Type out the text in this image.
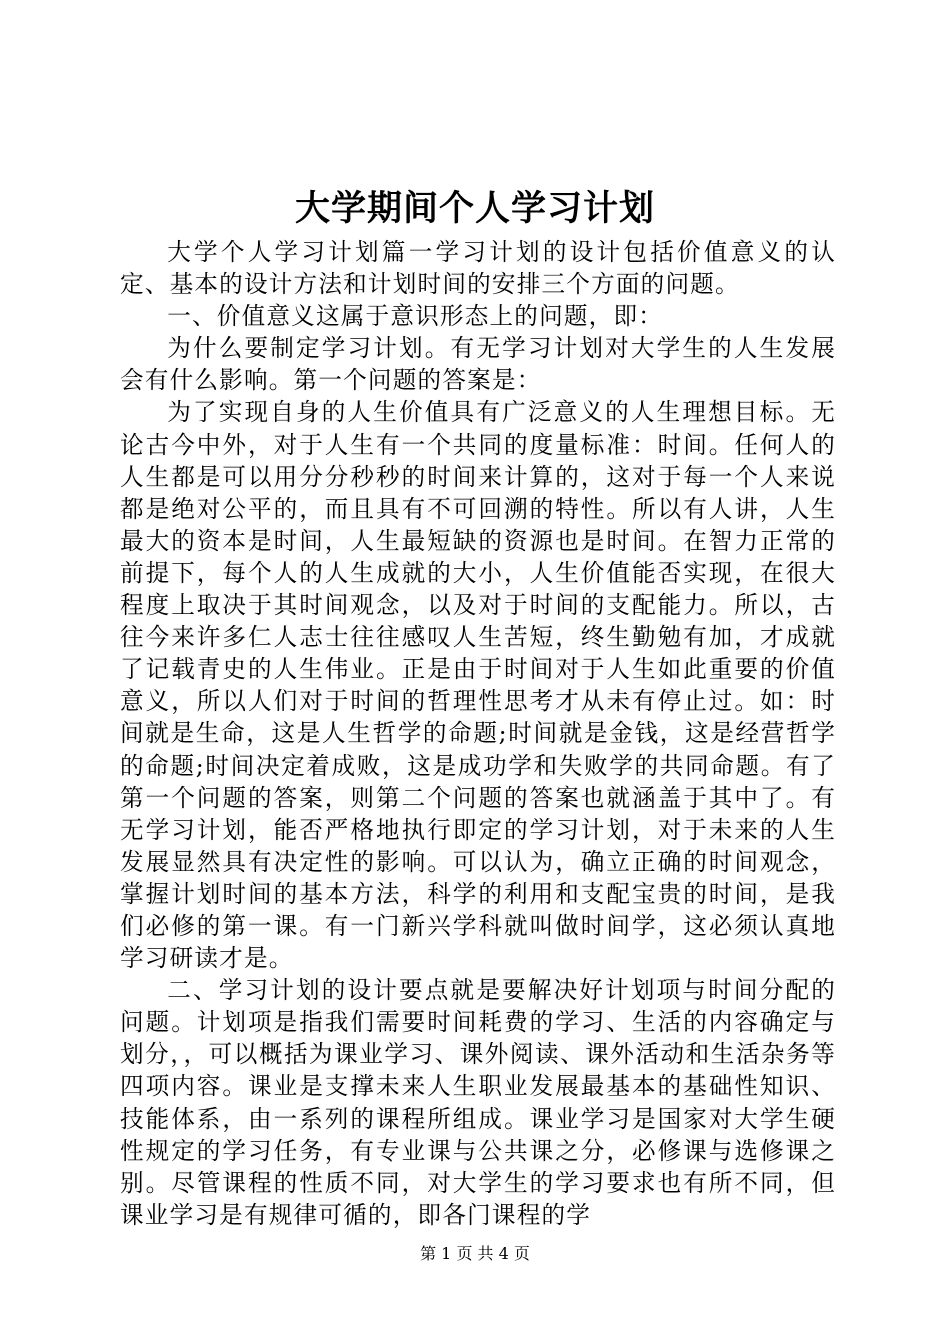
大学期间个人学习计划

大学个人学习计划篇一学习计划的设计包括价值意义的认定、基本的设计方法和计划时间的安排三个方面的问题。

一、价值意义这属于意识形态上的问题，即：

为什么要制定学习计划。有无学习计划对大学生的人生发展会有什么影响。第一个问题的答案是：

为了实现自身的人生价值具有广泛意义的人生理想目标。无论古今中外，对于人生有一个共同的度量标准：时间。任何人的人生都是可以用分分秒秒的时间来计算的，这对于每一个人来说都是绝对公平的，而且具有不可回溯的特性。所以有人讲，人生最大的资本是时间，人生最短缺的资源也是时间。在智力正常的前提下，每个人的人生成就的大小，人生价值能否实现，在很大程度上取决于其时间观念，以及对于时间的支配能力。所以，古往今来许多仁人志士往往感叹人生苦短，终生勤勉有加，才成就了记载青史的人生伟业。正是由于时间对于人生如此重要的价值意义，所以人们对于时间的哲理性思考才从未有停止过。如：时间就是生命，这是人生哲学的命题;时间就是金钱，这是经营哲学的命题;时间决定着成败，这是成功学和失败学的共同命题。有了第一个问题的答案，则第二个问题的答案也就涵盖于其中了。有无学习计划，能否严格地执行即定的学习计划，对于未来的人生发展显然具有决定性的影响。可以认为，确立正确的时间观念，掌握计划时间的基本方法，科学的利用和支配宝贵的时间，是我们必修的第一课。有一门新兴学科就叫做时间学，这必须认真地学习研读才是。

二、学习计划的设计要点就是要解决好计划项与时间分配的问题。计划项是指我们需要时间耗费的学习、生活的内容确定与划分，，可以概括为课业学习、课外阅读、课外活动和生活杂务等四项内容。课业是支撑未来人生职业发展最基本的基础性知识、技能体系，由一系列的课程所组成。课业学习是国家对大学生硬性规定的学习任务，有专业课与公共课之分，必修课与选修课之别。尽管课程的性质不同，对大学生的学习要求也有所不同，但课业学习是有规律可循的，即各门课程的学

第 1 页 共 4 页
